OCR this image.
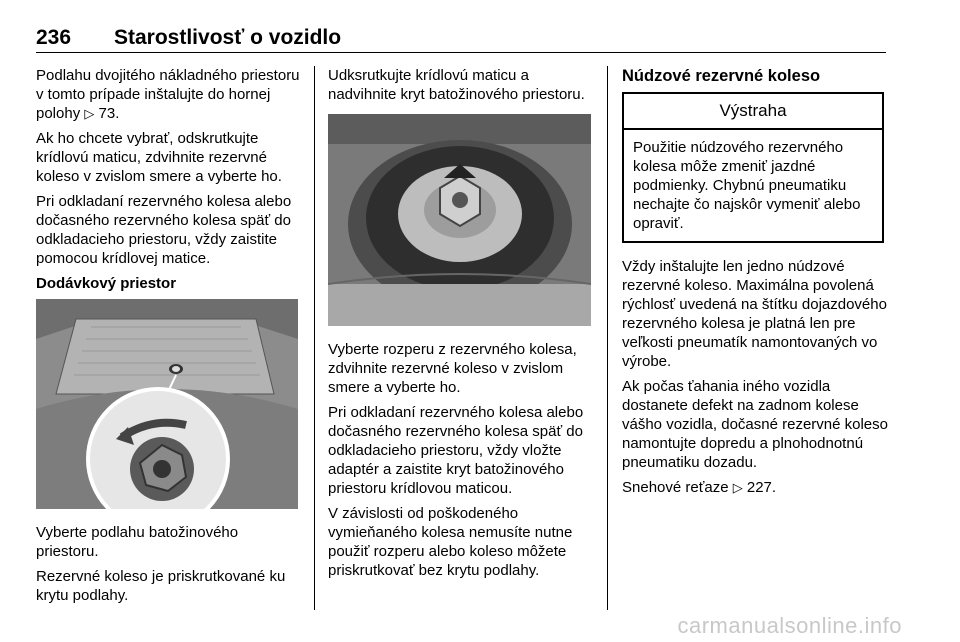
236 Starostlivosť o vozidlo

Podlahu dvojitého nákladného priestoru v tomto prípade inštalujte do hornej polohy ▷ 73.

Ak ho chcete vybrať, odskrutkujte krídlovú maticu, zdvihnite rezervné koleso v zvislom smere a vyberte ho.

Pri odkladaní rezervného kolesa alebo dočasného rezervného kolesa späť do odkladacieho priestoru, vždy zaistite pomocou krídlovej matice.

Dodávkový priestor

Vyberte podlahu batožinového priestoru.

Rezervné koleso je priskrutkované ku krytu podlahy.

Udksrutkujte krídlovú maticu a nadvihnite kryt batožinového priestoru.

Vyberte rozperu z rezervného kolesa, zdvihnite rezervné koleso v zvislom smere a vyberte ho.

Pri odkladaní rezervného kolesa alebo dočasného rezervného kolesa späť do odkladacieho priestoru, vždy vložte adaptér a zaistite kryt batožinového priestoru krídlovou maticou.

V závislosti od poškodeného vymieňaného kolesa nemusíte nutne použiť rozperu alebo koleso môžete priskrutkovať bez krytu podlahy.

Núdzové rezervné koleso

Výstraha
Použitie núdzového rezervného kolesa môže zmeniť jazdné podmienky. Chybnú pneumatiku nechajte čo najskôr vymeniť alebo opraviť.

Vždy inštalujte len jedno núdzové rezervné koleso. Maximálna povolená rýchlosť uvedená na štítku dojazdového rezervného kolesa je platná len pre veľkosti pneumatík namontovaných vo výrobe.

Ak počas ťahania iného vozidla dostanete defekt na zadnom kolese vášho vozidla, dočasné rezervné koleso namontujte dopredu a plnohodnotnú pneumatiku dozadu.

Snehové reťaze ▷ 227.

carmanualsonline.info
